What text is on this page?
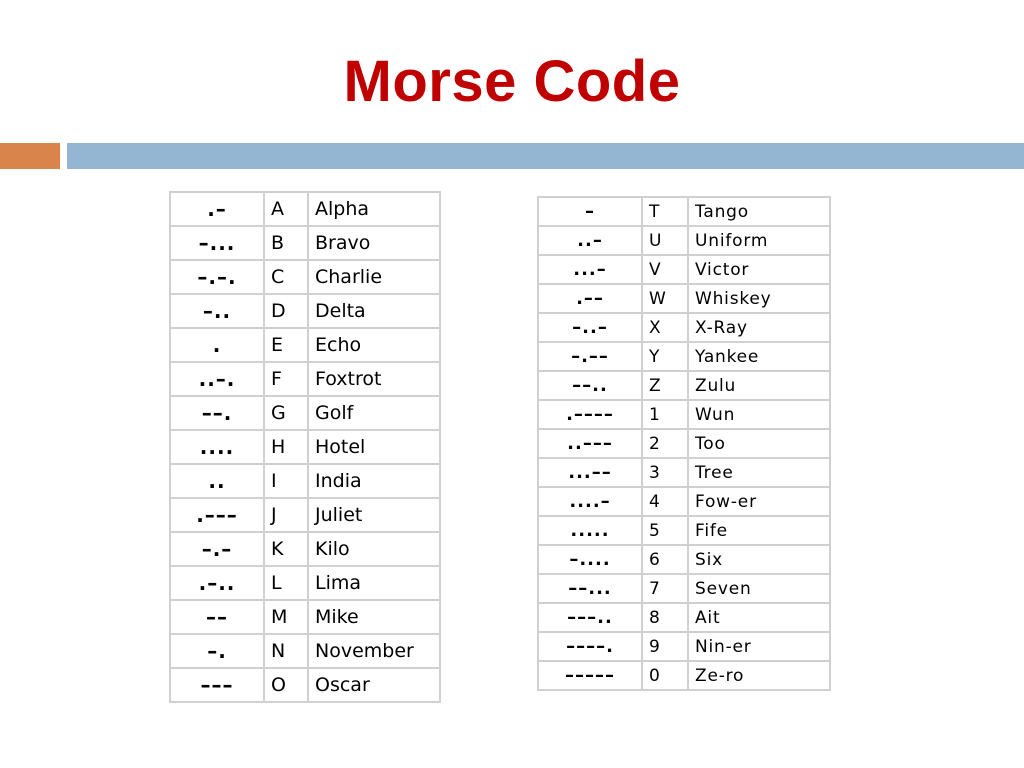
Morse Code
.–	A	Alpha
–...	B	Bravo
–.–.	C	Charlie
–..	D	Delta
.	E	Echo
..–.	F	Foxtrot
––.	G	Golf
....	H	Hotel
..	I	India
.–––	J	Juliet
–.–	K	Kilo
.–..	L	Lima
––	M	Mike
–.	N	November
–––	O	Oscar
–	T	Tango
..–	U	Uniform
...–	V	Victor
.––	W	Whiskey
–..–	X	X-Ray
–.––	Y	Yankee
––..	Z	Zulu
.––––	1	Wun
..–––	2	Too
...––	3	Tree
....–	4	Fow-er
.....	5	Fife
–....	6	Six
––...	7	Seven
–––..	8	Ait
––––.	9	Nin-er
–––––	0	Ze-ro
